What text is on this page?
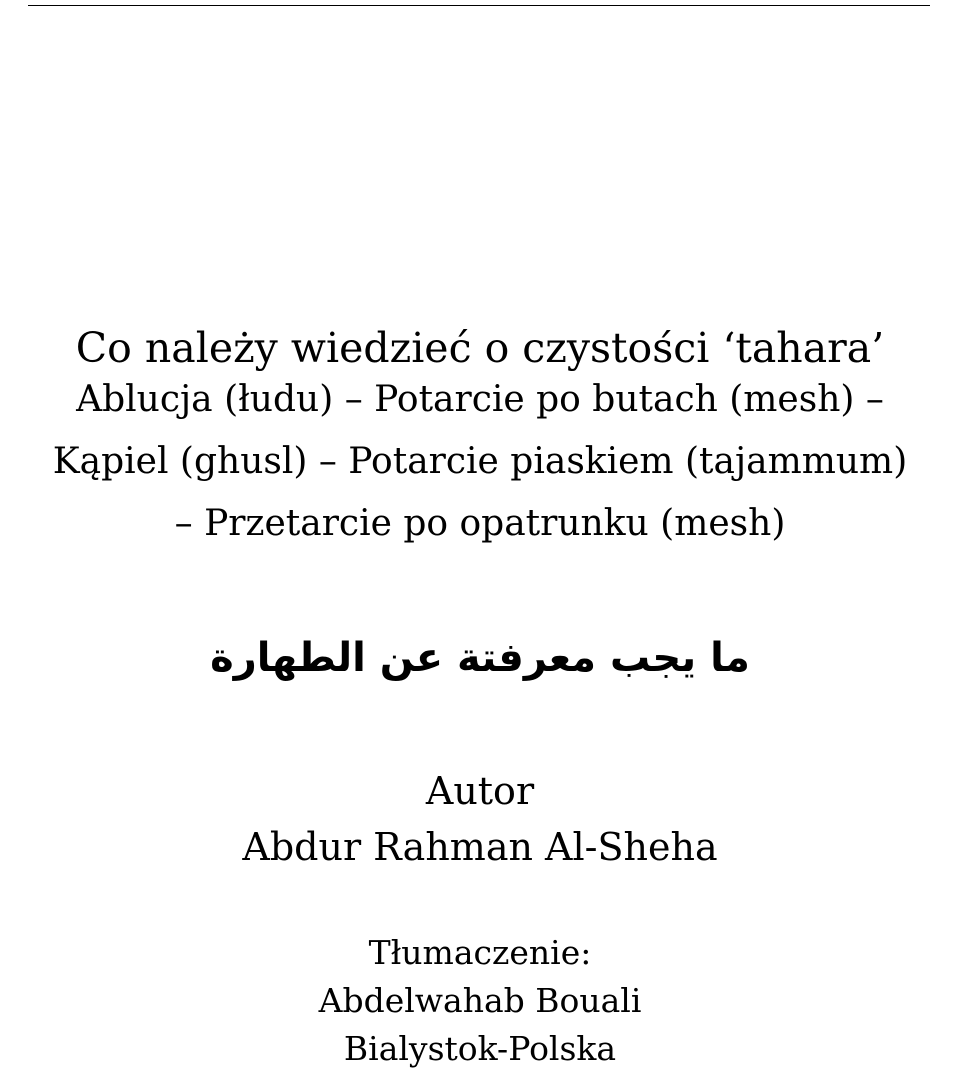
Co należy wiedzieć o czystości ‘tahara’
Ablucja (łudu) – Potarcie po butach (mesh) –
Kąpiel (ghusl) – Potarcie piaskiem (tajammum)
– Przetarcie po opatrunku (mesh)
ما يجب معرفتة عن الطهارة
Autor
Abdur Rahman Al-Sheha
Tłumaczenie:
Abdelwahab Bouali
Bialystok-Polska
